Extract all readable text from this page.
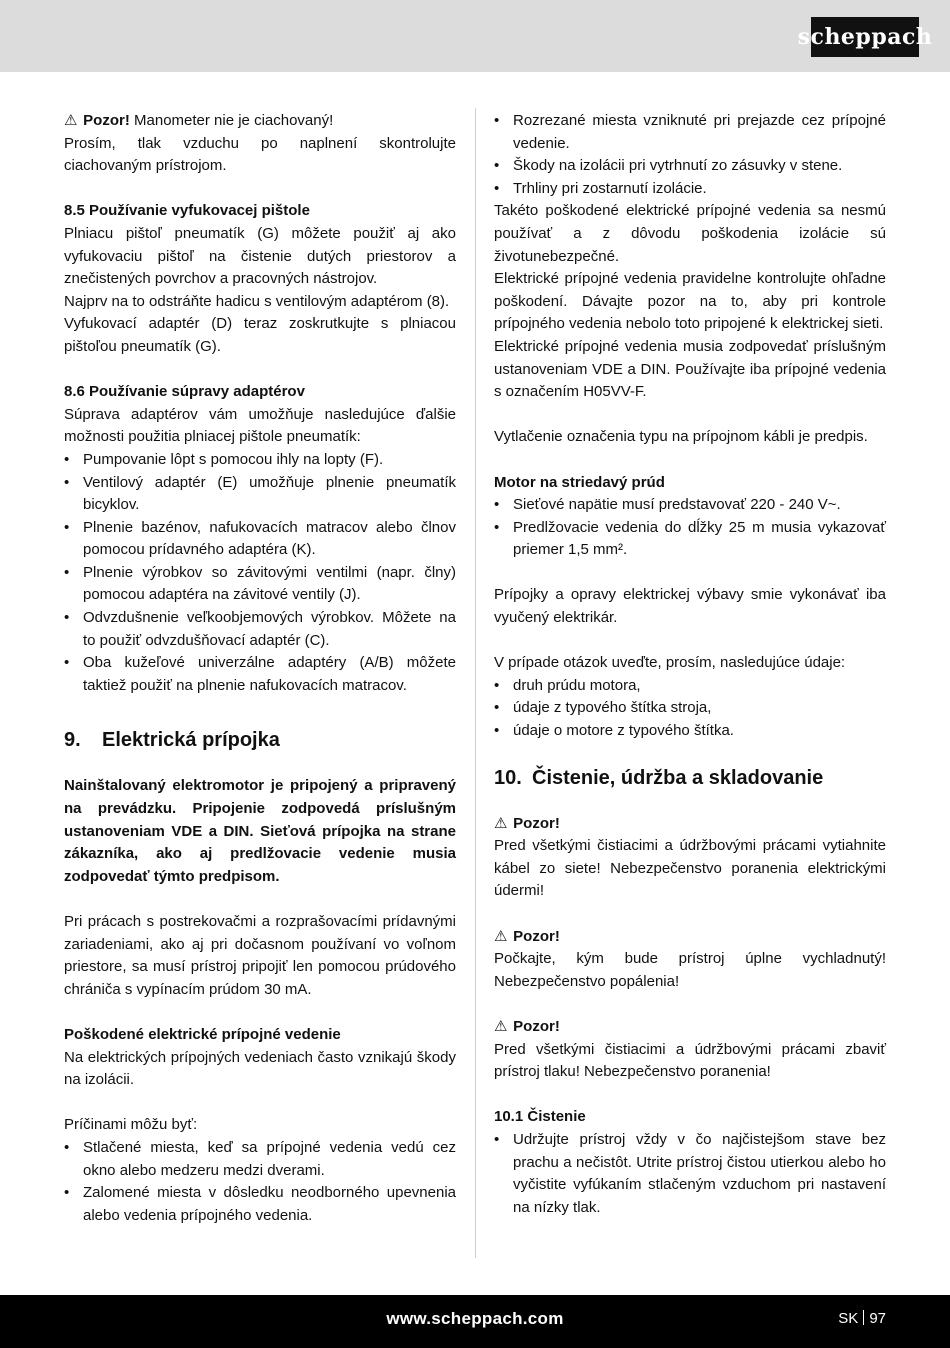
scheppach

⚠ Pozor! Manometer nie je ciachovaný!

Prosím, tlak vzduchu po naplnení skontrolujte ciachovaným prístrojom.

8.5 Používanie vyfukovacej pištole

Plniacu pištoľ pneumatík (G) môžete použiť aj ako vyfukovaciu pištoľ na čistenie dutých priestorov a znečistených povrchov a pracovných nástrojov.

Najprv na to odstráňte hadicu s ventilovým adaptérom (8).

Vyfukovací adaptér (D) teraz zoskrutkujte s plniacou pištoľou pneumatík (G).

8.6 Používanie súpravy adaptérov

Súprava adaptérov vám umožňuje nasledujúce ďalšie možnosti použitia plniacej pištole pneumatík:

• Pumpovanie lôpt s pomocou ihly na lopty (F).
• Ventilový adaptér (E) umožňuje plnenie pneumatík bicyklov.
• Plnenie bazénov, nafukovacích matracov alebo člnov pomocou prídavného adaptéra (K).
• Plnenie výrobkov so závitovými ventilmi (napr. člny) pomocou adaptéra na závitové ventily (J).
• Odvzdušnenie veľkoobjemových výrobkov. Môžete na to použiť odvzdušňovací adaptér (C).
• Oba kužeľové univerzálne adaptéry (A/B) môžete taktiež použiť na plnenie nafukovacích matracov.
9. Elektrická prípojka

Nainštalovaný elektromotor je pripojený a pripravený na prevádzku. Pripojenie zodpovedá príslušným ustanoveniam VDE a DIN. Sieťová prípojka na strane zákazníka, ako aj predlžovacie vedenie musia zodpovedať týmto predpisom.

Pri prácach s postrekovačmi a rozprašovacími prídavnými zariadeniami, ako aj pri dočasnom používaní vo voľnom priestore, sa musí prístroj pripojiť len pomocou prúdového chrániča s vypínacím prúdom 30 mA.

Poškodené elektrické prípojné vedenie

Na elektrických prípojných vedeniach často vznikajú škody na izolácii.

Príčinami môžu byť:

• Stlačené miesta, keď sa prípojné vedenia vedú cez okno alebo medzeru medzi dverami.
• Zalomené miesta v dôsledku neodborného upevnenia alebo vedenia prípojného vedenia.
• Rozrezané miesta vzniknuté pri prejazde cez prípojné vedenie.
• Škody na izolácii pri vytrhnutí zo zásuvky v stene.
• Trhliny pri zostarnutí izolácie.

Takéto poškodené elektrické prípojné vedenia sa nesmú používať a z dôvodu poškodenia izolácie sú životunebezpečné.

Elektrické prípojné vedenia pravidelne kontrolujte ohľadne poškodení. Dávajte pozor na to, aby pri kontrole prípojného vedenia nebolo toto pripojené k elektrickej sieti.

Elektrické prípojné vedenia musia zodpovedať príslušným ustanoveniam VDE a DIN. Používajte iba prípojné vedenia s označením H05VV-F.

Vytlačenie označenia typu na prípojnom kábli je predpis.

Motor na striedavý prúd
• Sieťové napätie musí predstavovať 220 - 240 V~.
• Predlžovacie vedenia do dĺžky 25 m musia vykazovať priemer 1,5 mm².

Prípojky a opravy elektrickej výbavy smie vykonávať iba vyučený elektrikár.

V prípade otázok uveďte, prosím, nasledujúce údaje:

• druh prúdu motora,
• údaje z typového štítka stroja,
• údaje o motore z typového štítka.
10. Čistenie, údržba a skladovanie

⚠ Pozor!

Pred všetkými čistiacimi a údržbovými prácami vytiahnite kábel zo siete! Nebezpečenstvo poranenia elektrickými údermi!

⚠ Pozor!

Počkajte, kým bude prístroj úplne vychladnutý! Nebezpečenstvo popálenia!

⚠ Pozor!

Pred všetkými čistiacimi a údržbovými prácami zbaviť prístroj tlaku! Nebezpečenstvo poranenia!

10.1 Čistenie
• Udržujte prístroj vždy v čo najčistejšom stave bez prachu a nečistôt. Utrite prístroj čistou utierkou alebo ho vyčistite vyfúkaním stlačeným vzduchom pri nastavení na nízky tlak.
www.scheppach.com	SK 97
